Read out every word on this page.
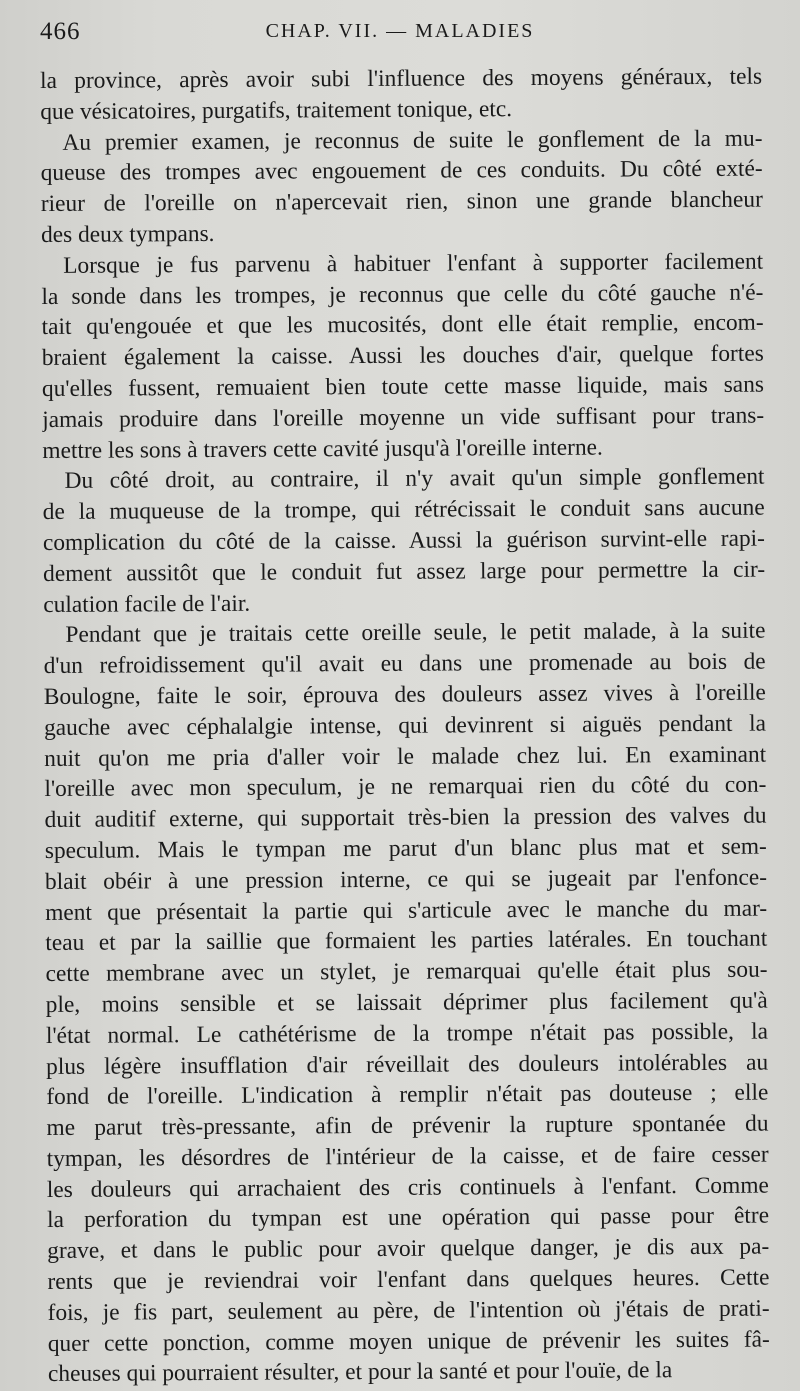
466	CHAP. VII. — MALADIES
la province, après avoir subi l'influence des moyens généraux, tels
que vésicatoires, purgatifs, traitement tonique, etc.
Au premier examen, je reconnus de suite le gonflement de la mu-
queuse des trompes avec engouement de ces conduits. Du côté exté-
rieur de l'oreille on n'apercevait rien, sinon une grande blancheur
des deux tympans.
Lorsque je fus parvenu à habituer l'enfant à supporter facilement
la sonde dans les trompes, je reconnus que celle du côté gauche n'é-
tait qu'engouée et que les mucosités, dont elle était remplie, encom-
braient également la caisse. Aussi les douches d'air, quelque fortes
qu'elles fussent, remuaient bien toute cette masse liquide, mais sans
jamais produire dans l'oreille moyenne un vide suffisant pour trans-
mettre les sons à travers cette cavité jusqu'à l'oreille interne.
Du côté droit, au contraire, il n'y avait qu'un simple gonflement
de la muqueuse de la trompe, qui rétrécissait le conduit sans aucune
complication du côté de la caisse. Aussi la guérison survint-elle rapi-
dement aussitôt que le conduit fut assez large pour permettre la cir-
culation facile de l'air.
Pendant que je traitais cette oreille seule, le petit malade, à la suite
d'un refroidissement qu'il avait eu dans une promenade au bois de
Boulogne, faite le soir, éprouva des douleurs assez vives à l'oreille
gauche avec céphalalgie intense, qui devinrent si aiguës pendant la
nuit qu'on me pria d'aller voir le malade chez lui. En examinant
l'oreille avec mon speculum, je ne remarquai rien du côté du con-
duit auditif externe, qui supportait très-bien la pression des valves du
speculum. Mais le tympan me parut d'un blanc plus mat et sem-
blait obéir à une pression interne, ce qui se jugeait par l'enfonce-
ment que présentait la partie qui s'articule avec le manche du mar-
teau et par la saillie que formaient les parties latérales. En touchant
cette membrane avec un stylet, je remarquai qu'elle était plus sou-
ple, moins sensible et se laissait déprimer plus facilement qu'à
l'état normal. Le cathétérisme de la trompe n'était pas possible, la
plus légère insufflation d'air réveillait des douleurs intolérables au
fond de l'oreille. L'indication à remplir n'était pas douteuse ; elle
me parut très-pressante, afin de prévenir la rupture spontanée du
tympan, les désordres de l'intérieur de la caisse, et de faire cesser
les douleurs qui arrachaient des cris continuels à l'enfant. Comme
la perforation du tympan est une opération qui passe pour être
grave, et dans le public pour avoir quelque danger, je dis aux pa-
rents que je reviendrai voir l'enfant dans quelques heures. Cette
fois, je fis part, seulement au père, de l'intention où j'étais de prati-
quer cette ponction, comme moyen unique de prévenir les suites fâ-
cheuses qui pourraient résulter, et pour la santé et pour l'ouïe, de la
